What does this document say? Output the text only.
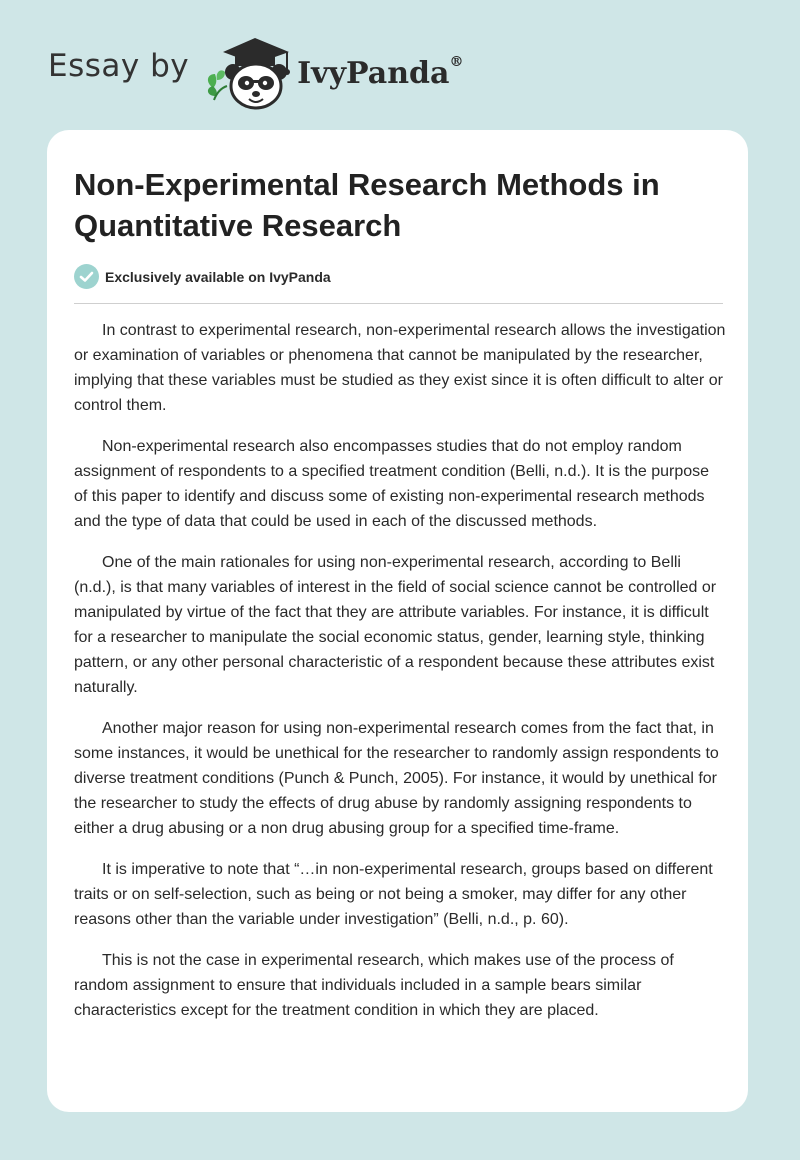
Essay by	IvyPanda®
Non-Experimental Research Methods in Quantitative Research
Exclusively available on IvyPanda

In contrast to experimental research, non-experimental research allows the investigation or examination of variables or phenomena that cannot be manipulated by the researcher, implying that these variables must be studied as they exist since it is often difficult to alter or control them.

Non-experimental research also encompasses studies that do not employ random assignment of respondents to a specified treatment condition (Belli, n.d.). It is the purpose of this paper to identify and discuss some of existing non-experimental research methods and the type of data that could be used in each of the discussed methods.

One of the main rationales for using non-experimental research, according to Belli (n.d.), is that many variables of interest in the field of social science cannot be controlled or manipulated by virtue of the fact that they are attribute variables. For instance, it is difficult for a researcher to manipulate the social economic status, gender, learning style, thinking pattern, or any other personal characteristic of a respondent because these attributes exist naturally.

Another major reason for using non-experimental research comes from the fact that, in some instances, it would be unethical for the researcher to randomly assign respondents to diverse treatment conditions (Punch & Punch, 2005). For instance, it would by unethical for the researcher to study the effects of drug abuse by randomly assigning respondents to either a drug abusing or a non drug abusing group for a specified time-frame.

It is imperative to note that “…in non-experimental research, groups based on different traits or on self-selection, such as being or not being a smoker, may differ for any other reasons other than the variable under investigation” (Belli, n.d., p. 60).

This is not the case in experimental research, which makes use of the process of random assignment to ensure that individuals included in a sample bears similar characteristics except for the treatment condition in which they are placed.
